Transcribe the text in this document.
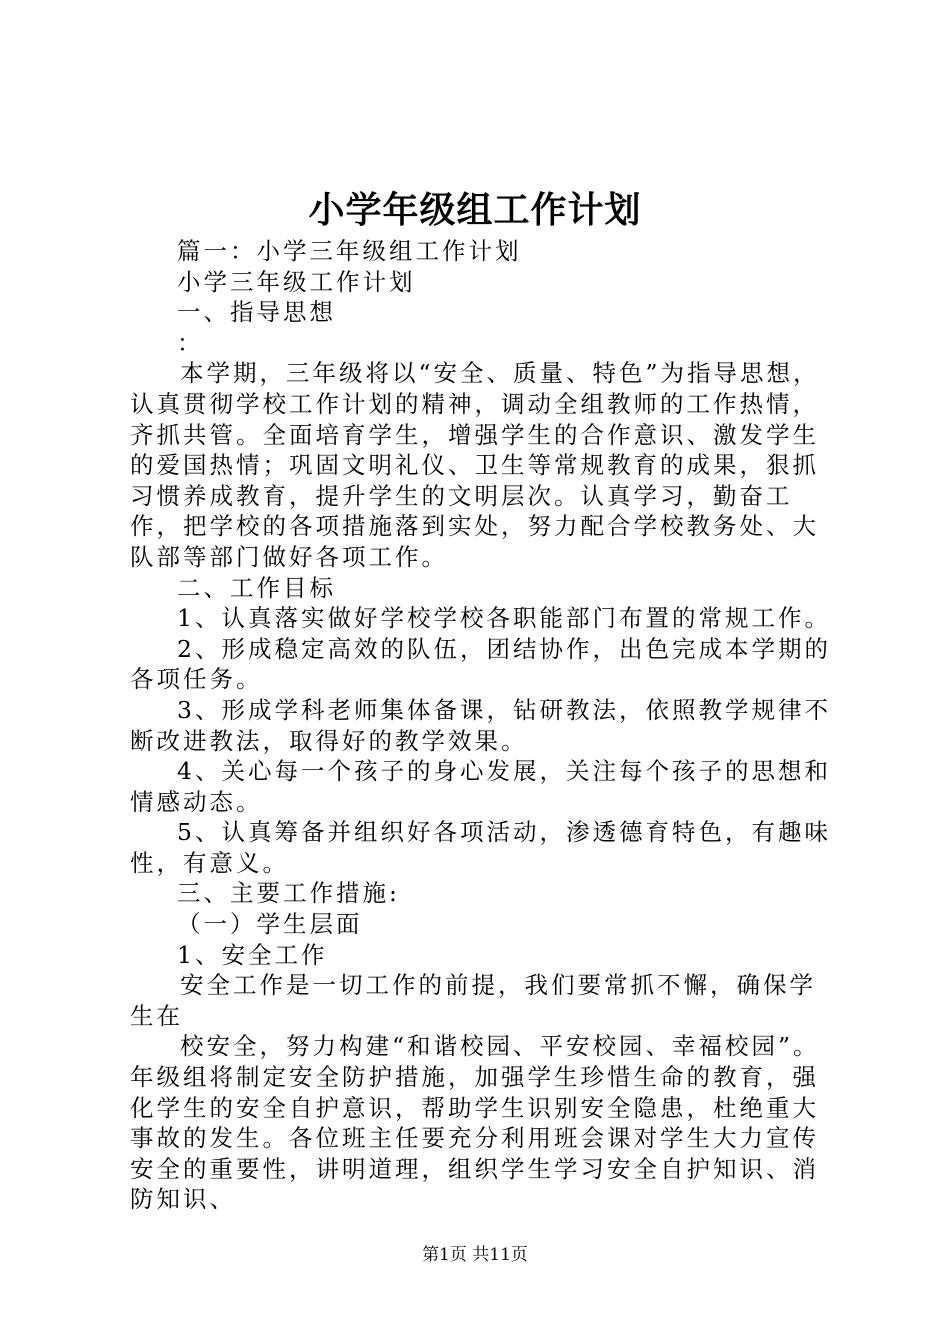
小学年级组工作计划

篇一：小学三年级组工作计划

小学三年级工作计划

一、指导思想

：

本学期，三年级将以“安全、质量、特色”为指导思想，认真贯彻学校工作计划的精神，调动全组教师的工作热情，齐抓共管。全面培育学生，增强学生的合作意识、激发学生的爱国热情；巩固文明礼仪、卫生等常规教育的成果，狠抓习惯养成教育，提升学生的文明层次。认真学习，勤奋工作，把学校的各项措施落到实处，努力配合学校教务处、大队部等部门做好各项工作。

二、工作目标

1、认真落实做好学校学校各职能部门布置的常规工作。

2、形成稳定高效的队伍，团结协作，出色完成本学期的各项任务。

3、形成学科老师集体备课，钻研教法，依照教学规律不断改进教法，取得好的教学效果。

4、关心每一个孩子的身心发展，关注每个孩子的思想和情感动态。

5、认真筹备并组织好各项活动，渗透德育特色，有趣味性，有意义。

三、主要工作措施:

（一）学生层面

1、安全工作

安全工作是一切工作的前提，我们要常抓不懈，确保学生在

校安全，努力构建“和谐校园、平安校园、幸福校园”。年级组将制定安全防护措施，加强学生珍惜生命的教育，强化学生的安全自护意识，帮助学生识别安全隐患，杜绝重大事故的发生。各位班主任要充分利用班会课对学生大力宣传安全的重要性，讲明道理，组织学生学习安全自护知识、消防知识、

第1页 共11页
